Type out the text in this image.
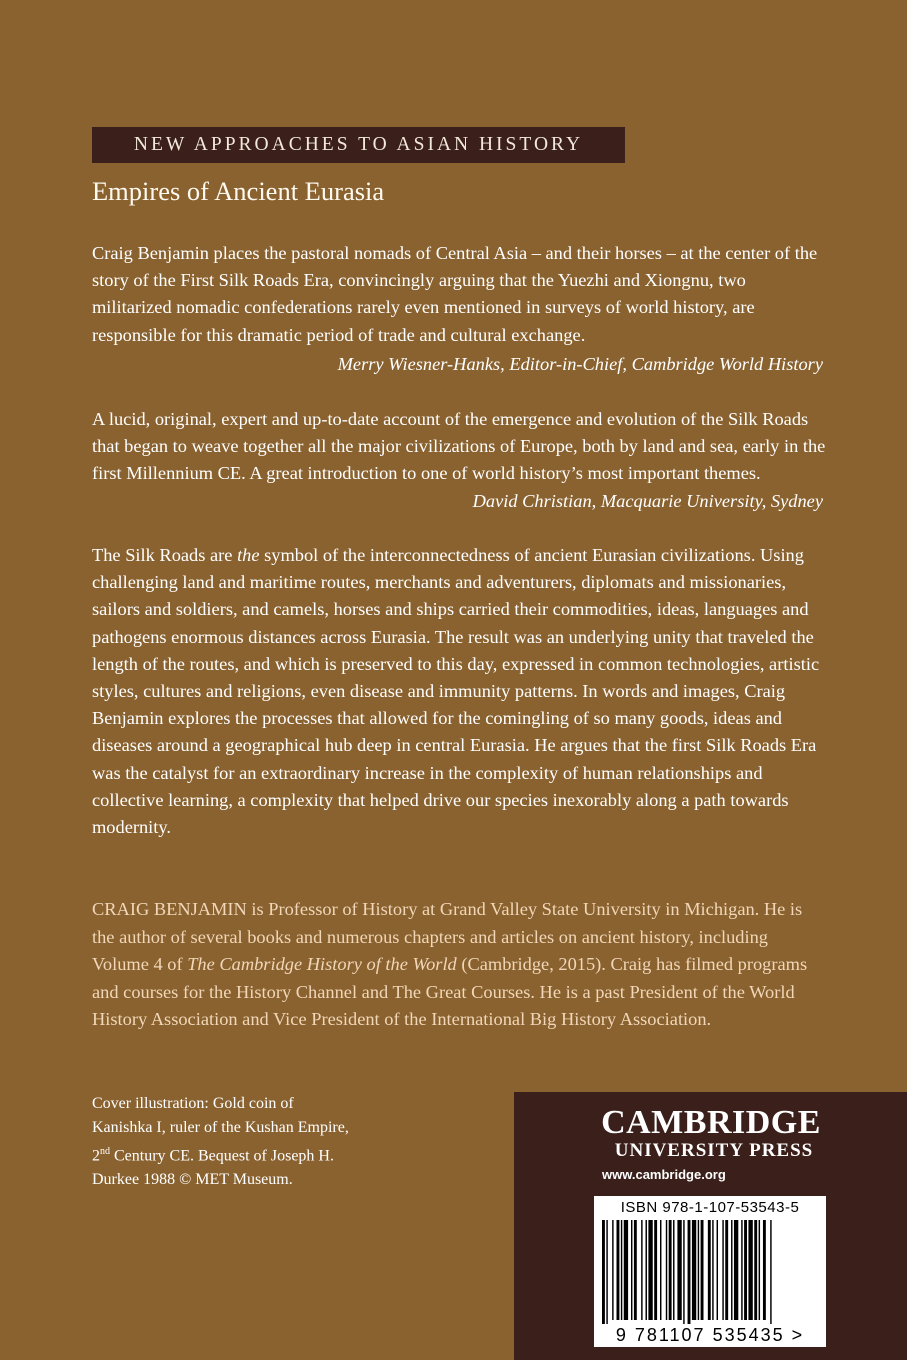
NEW APPROACHES TO ASIAN HISTORY
Empires of Ancient Eurasia

Craig Benjamin places the pastoral nomads of Central Asia – and their horses – at the center of the story of the First Silk Roads Era, convincingly arguing that the Yuezhi and Xiongnu, two militarized nomadic confederations rarely even mentioned in surveys of world history, are responsible for this dramatic period of trade and cultural exchange.

Merry Wiesner-Hanks, Editor-in-Chief, Cambridge World History

A lucid, original, expert and up-to-date account of the emergence and evolution of the Silk Roads that began to weave together all the major civilizations of Europe, both by land and sea, early in the first Millennium CE. A great introduction to one of world history’s most important themes.

David Christian, Macquarie University, Sydney

The Silk Roads are the symbol of the interconnectedness of ancient Eurasian civilizations. Using challenging land and maritime routes, merchants and adventurers, diplomats and missionaries, sailors and soldiers, and camels, horses and ships carried their commodities, ideas, languages and pathogens enormous distances across Eurasia. The result was an underlying unity that traveled the length of the routes, and which is preserved to this day, expressed in common technologies, artistic styles, cultures and religions, even disease and immunity patterns. In words and images, Craig Benjamin explores the processes that allowed for the comingling of so many goods, ideas and diseases around a geographical hub deep in central Eurasia. He argues that the first Silk Roads Era was the catalyst for an extraordinary increase in the complexity of human relationships and collective learning, a complexity that helped drive our species inexorably along a path towards modernity.

CRAIG BENJAMIN is Professor of History at Grand Valley State University in Michigan. He is the author of several books and numerous chapters and articles on ancient history, including Volume 4 of The Cambridge History of the World (Cambridge, 2015). Craig has filmed programs and courses for the History Channel and The Great Courses. He is a past President of the World History Association and Vice President of the International Big History Association.

Cover illustration: Gold coin of Kanishka I, ruler of the Kushan Empire, 2nd Century CE. Bequest of Joseph H. Durkee 1988 © MET Museum.

CAMBRIDGE
UNIVERSITY PRESS
www.cambridge.org
ISBN 978-1-107-53543-5
9 781107 535435 >
